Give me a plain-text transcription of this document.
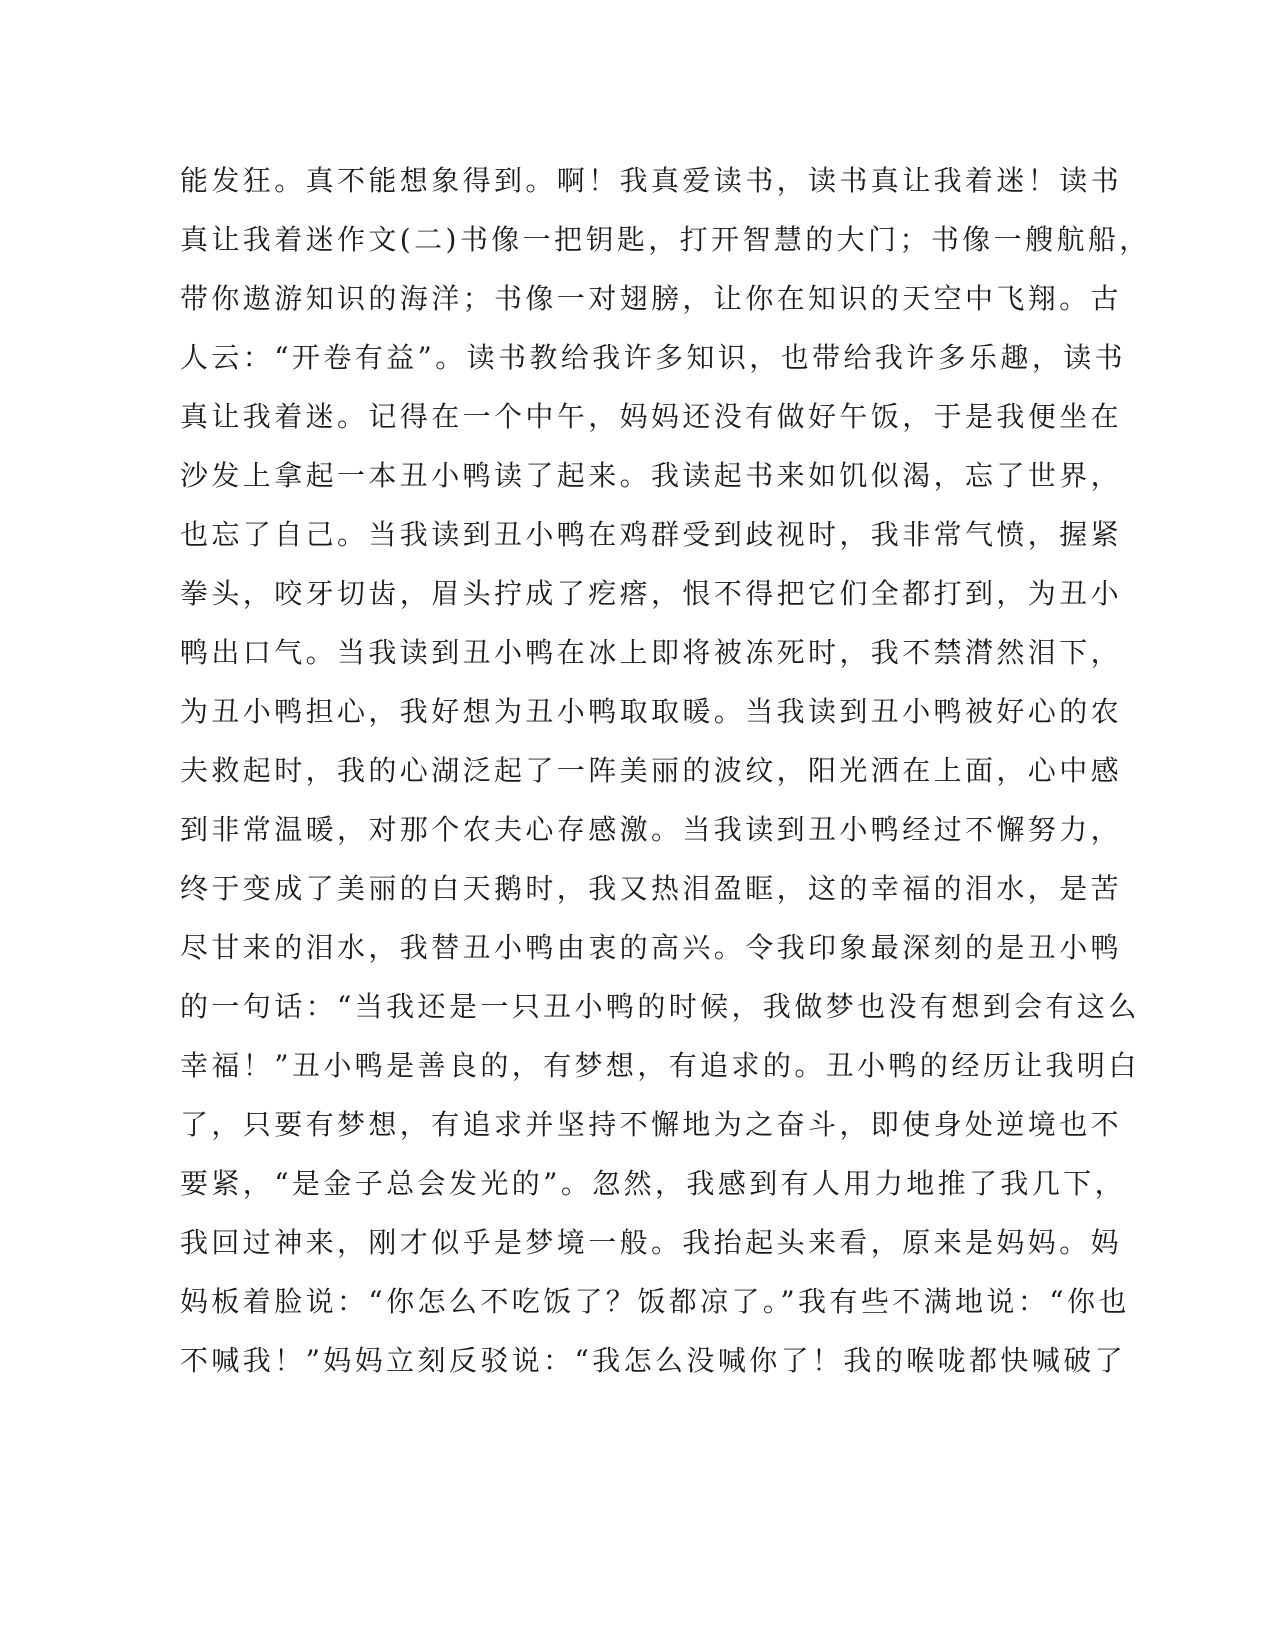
能发狂。真不能想象得到。啊！我真爱读书，读书真让我着迷！读书
真让我着迷作文(二)书像一把钥匙，打开智慧的大门；书像一艘航船，
带你遨游知识的海洋；书像一对翅膀，让你在知识的天空中飞翔。古
人云：“开卷有益”。读书教给我许多知识，也带给我许多乐趣，读书
真让我着迷。记得在一个中午，妈妈还没有做好午饭，于是我便坐在
沙发上拿起一本丑小鸭读了起来。我读起书来如饥似渴，忘了世界，
也忘了自己。当我读到丑小鸭在鸡群受到歧视时，我非常气愤，握紧
拳头，咬牙切齿，眉头拧成了疙瘩，恨不得把它们全都打到，为丑小
鸭出口气。当我读到丑小鸭在冰上即将被冻死时，我不禁潸然泪下，
为丑小鸭担心，我好想为丑小鸭取取暖。当我读到丑小鸭被好心的农
夫救起时，我的心湖泛起了一阵美丽的波纹，阳光洒在上面，心中感
到非常温暖，对那个农夫心存感激。当我读到丑小鸭经过不懈努力，
终于变成了美丽的白天鹅时，我又热泪盈眶，这的幸福的泪水，是苦
尽甘来的泪水，我替丑小鸭由衷的高兴。令我印象最深刻的是丑小鸭
的一句话：“当我还是一只丑小鸭的时候，我做梦也没有想到会有这么
幸福！”丑小鸭是善良的，有梦想，有追求的。丑小鸭的经历让我明白
了，只要有梦想，有追求并坚持不懈地为之奋斗，即使身处逆境也不
要紧，“是金子总会发光的”。忽然，我感到有人用力地推了我几下，
我回过神来，刚才似乎是梦境一般。我抬起头来看，原来是妈妈。妈
妈板着脸说：“你怎么不吃饭了？饭都凉了。”我有些不满地说：“你也
不喊我！”妈妈立刻反驳说：“我怎么没喊你了！我的喉咙都快喊破了
